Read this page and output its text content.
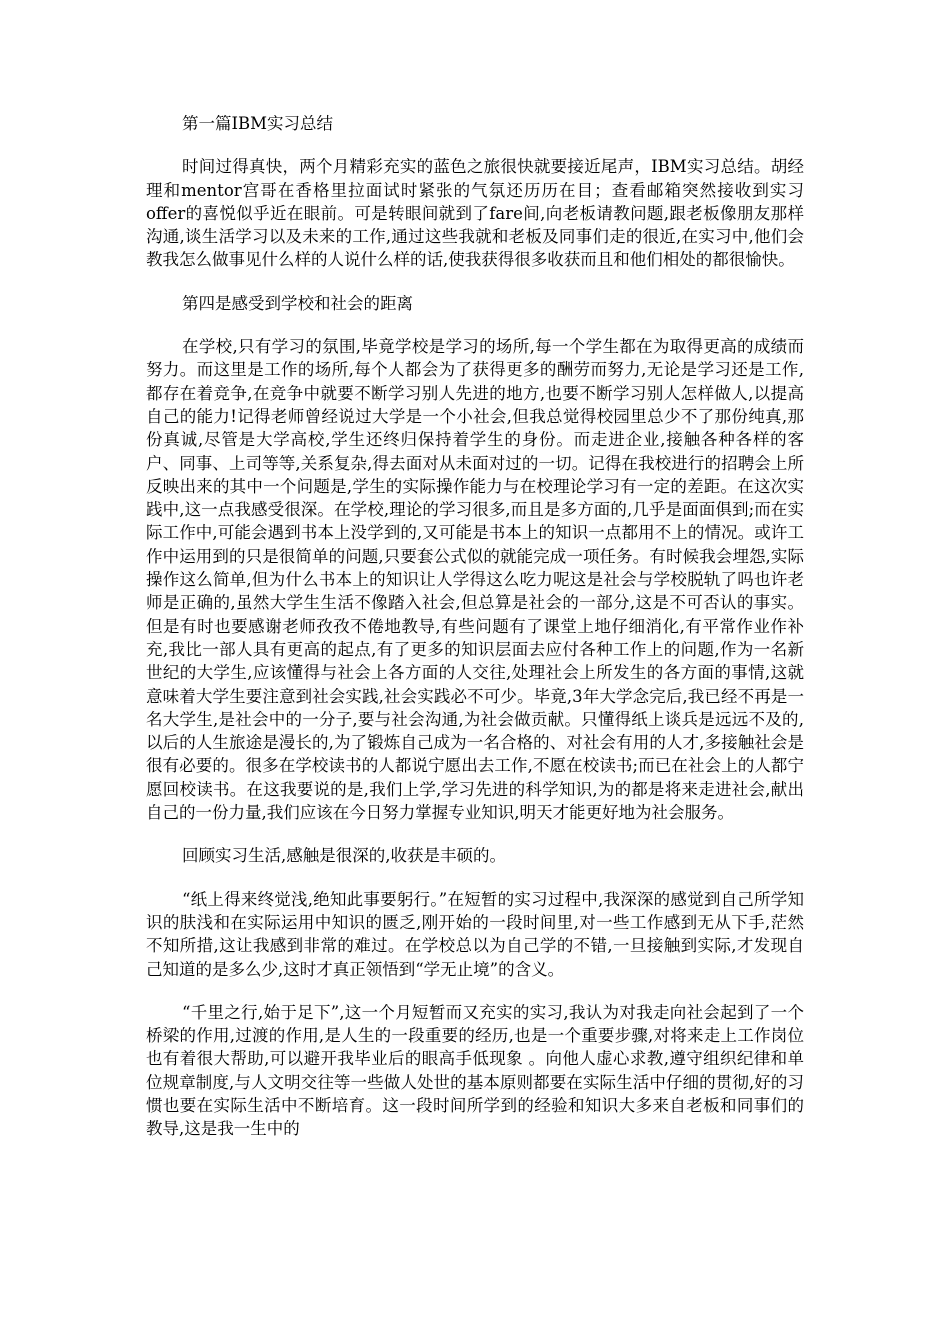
第一篇IBM实习总结

时间过得真快，两个月精彩充实的蓝色之旅很快就要接近尾声，IBM实习总结。胡经理和mentor宫哥在香格里拉面试时紧张的气氛还历历在目；查看邮箱突然接收到实习offer的喜悦似乎近在眼前。可是转眼间就到了fare间,向老板请教问题,跟老板像朋友那样沟通,谈生活学习以及未来的工作,通过这些我就和老板及同事们走的很近,在实习中,他们会教我怎么做事见什么样的人说什么样的话,使我获得很多收获而且和他们相处的都很愉快。

第四是感受到学校和社会的距离

在学校,只有学习的氛围,毕竟学校是学习的场所,每一个学生都在为取得更高的成绩而努力。而这里是工作的场所,每个人都会为了获得更多的酬劳而努力,无论是学习还是工作,都存在着竞争,在竞争中就要不断学习别人先进的地方,也要不断学习别人怎样做人,以提高自己的能力!记得老师曾经说过大学是一个小社会,但我总觉得校园里总少不了那份纯真,那份真诚,尽管是大学高校,学生还终归保持着学生的身份。而走进企业,接触各种各样的客户、同事、上司等等,关系复杂,得去面对从未面对过的一切。记得在我校进行的招聘会上所反映出来的其中一个问题是,学生的实际操作能力与在校理论学习有一定的差距。在这次实践中,这一点我感受很深。在学校,理论的学习很多,而且是多方面的,几乎是面面俱到;而在实际工作中,可能会遇到书本上没学到的,又可能是书本上的知识一点都用不上的情况。或许工作中运用到的只是很简单的问题,只要套公式似的就能完成一项任务。有时候我会埋怨,实际操作这么简单,但为什么书本上的知识让人学得这么吃力呢这是社会与学校脱轨了吗也许老师是正确的,虽然大学生生活不像踏入社会,但总算是社会的一部分,这是不可否认的事实。但是有时也要感谢老师孜孜不倦地教导,有些问题有了课堂上地仔细消化,有平常作业作补充,我比一部人具有更高的起点,有了更多的知识层面去应付各种工作上的问题,作为一名新世纪的大学生,应该懂得与社会上各方面的人交往,处理社会上所发生的各方面的事情,这就意味着大学生要注意到社会实践,社会实践必不可少。毕竟,3年大学念完后,我已经不再是一名大学生,是社会中的一分子,要与社会沟通,为社会做贡献。只懂得纸上谈兵是远远不及的,以后的人生旅途是漫长的,为了锻炼自己成为一名合格的、对社会有用的人才,多接触社会是很有必要的。很多在学校读书的人都说宁愿出去工作,不愿在校读书;而已在社会上的人都宁愿回校读书。在这我要说的是,我们上学,学习先进的科学知识,为的都是将来走进社会,献出自己的一份力量,我们应该在今日努力掌握专业知识,明天才能更好地为社会服务。

回顾实习生活,感触是很深的,收获是丰硕的。

“纸上得来终觉浅,绝知此事要躬行。”在短暂的实习过程中,我深深的感觉到自己所学知识的肤浅和在实际运用中知识的匮乏,刚开始的一段时间里,对一些工作感到无从下手,茫然不知所措,这让我感到非常的难过。在学校总以为自己学的不错,一旦接触到实际,才发现自己知道的是多么少,这时才真正领悟到“学无止境”的含义。

“千里之行,始于足下”,这一个月短暂而又充实的实习,我认为对我走向社会起到了一个桥梁的作用,过渡的作用,是人生的一段重要的经历,也是一个重要步骤,对将来走上工作岗位也有着很大帮助,可以避开我毕业后的眼高手低现象 。向他人虚心求教,遵守组织纪律和单位规章制度,与人文明交往等一些做人处世的基本原则都要在实际生活中仔细的贯彻,好的习惯也要在实际生活中不断培育。这一段时间所学到的经验和知识大多来自老板和同事们的教导,这是我一生中的
